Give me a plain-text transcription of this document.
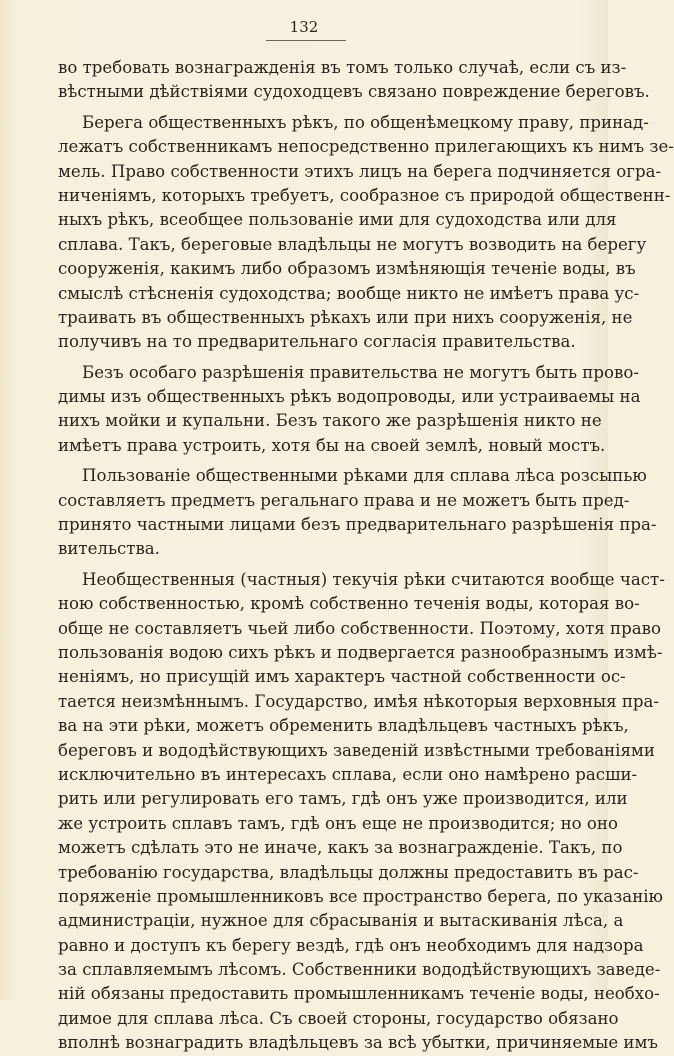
132
во требовать вознагражденія въ томъ только случаѣ, если съ из-
вѣстными дѣйствіями судоходцевъ связано повреждение береговъ.
Берега общественныхъ рѣкъ, по общенѣмецкому праву, принад-
лежатъ собственникамъ непосредственно прилегающихъ къ нимъ зе-
мель. Право собственности этихъ лицъ на берега подчиняется огра-
ниченіямъ, которыхъ требуетъ, сообразное съ природой общественн-
ныхъ рѣкъ, всеобщее пользованіе ими для судоходства или для
сплава. Такъ, береговые владѣльцы не могутъ возводить на берегу
сооруженія, какимъ либо образомъ измѣняющія теченіе воды, въ
смыслѣ стѣсненія судоходства; вообще никто не имѣетъ права ус-
траивать въ общественныхъ рѣкахъ или при нихъ сооруженія, не
получивъ на то предварительнаго согласія правительства.
Безъ особаго разрѣшенія правительства не могутъ быть прово-
димы изъ общественныхъ рѣкъ водопроводы, или устраиваемы на
нихъ мойки и купальни. Безъ такого же разрѣшенія никто не
имѣетъ права устроить, хотя бы на своей землѣ, новый мостъ.
Пользованіе общественными рѣками для сплава лѣса розсыпью
составляетъ предметъ регальнаго права и не можетъ быть пред-
принято частными лицами безъ предварительнаго разрѣшенія пра-
вительства.
Необщественныя (частныя) текучія рѣки считаются вообще част-
ною собственностью, кромѣ собственно теченія воды, которая во-
обще не составляетъ чьей либо собственности. Поэтому, хотя право
пользованія водою сихъ рѣкъ и подвергается разнообразнымъ измѣ-
неніямъ, но присущій имъ характеръ частной собственности ос-
тается неизмѣннымъ. Государство, имѣя нѣкоторыя верховныя пра-
ва на эти рѣки, можетъ обременить владѣльцевъ частныхъ рѣкъ,
береговъ и вододѣйствующихъ заведеній извѣстными требованіями
исключительно въ интересахъ сплава, если оно намѣрено расши-
рить или регулировать его тамъ, гдѣ онъ уже производится, или
же устроить сплавъ тамъ, гдѣ онъ еще не производится; но оно
можетъ сдѣлать это не иначе, какъ за вознагражденіе. Такъ, по
требованію государства, владѣльцы должны предоставить въ рас-
поряженіе промышленниковъ все пространство берега, по указанію
администраціи, нужное для сбрасыванія и вытаскиванія лѣса, а
равно и доступъ къ берегу вездѣ, гдѣ онъ необходимъ для надзора
за сплавляемымъ лѣсомъ. Собственники вододѣйствующихъ заведе-
ній обязаны предоставить промышленникамъ теченіе воды, необхо-
димое для сплава лѣса. Съ своей стороны, государство обязано
вполнѣ вознаградить владѣльцевъ за всѣ убытки, причиняемые имъ
